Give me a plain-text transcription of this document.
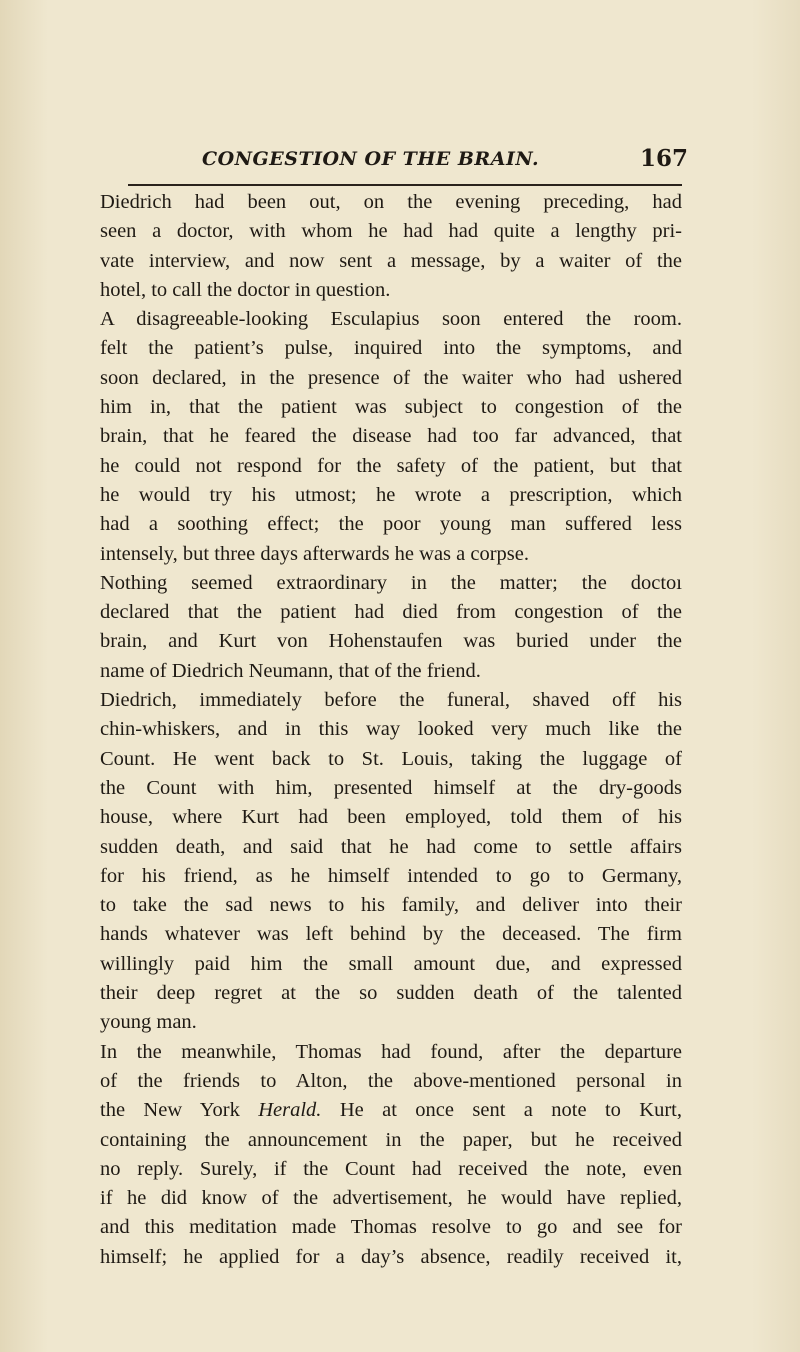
CONGESTION OF THE BRAIN.	167
Diedrich had been out, on the evening preceding, had
seen a doctor, with whom he had had quite a lengthy pri-
vate interview, and now sent a message, by a waiter of the
hotel, to call the doctor in question.
A disagreeable-looking Esculapius soon entered the room.
felt the patient’s pulse, inquired into the symptoms, and
soon declared, in the presence of the waiter who had ushered
him in, that the patient was subject to congestion of the
brain, that he feared the disease had too far advanced, that
he could not respond for the safety of the patient, but that
he would try his utmost; he wrote a prescription, which
had a soothing effect; the poor young man suffered less
intensely, but three days afterwards he was a corpse.
Nothing seemed extraordinary in the matter; the doctoı
declared that the patient had died from congestion of the
brain, and Kurt von Hohenstaufen was buried under the
name of Diedrich Neumann, that of the friend.
Diedrich, immediately before the funeral, shaved off his
chin-whiskers, and in this way looked very much like the
Count. He went back to St. Louis, taking the luggage of
the Count with him, presented himself at the dry-goods
house, where Kurt had been employed, told them of his
sudden death, and said that he had come to settle affairs
for his friend, as he himself intended to go to Germany,
to take the sad news to his family, and deliver into their
hands whatever was left behind by the deceased. The firm
willingly paid him the small amount due, and expressed
their deep regret at the so sudden death of the talented
young man.
In the meanwhile, Thomas had found, after the departure
of the friends to Alton, the above-mentioned personal in
the New York Herald. He at once sent a note to Kurt,
containing the announcement in the paper, but he received
no reply. Surely, if the Count had received the note, even
if he did know of the advertisement, he would have replied,
and this meditation made Thomas resolve to go and see for
himself; he applied for a day’s absence, readily received it,
